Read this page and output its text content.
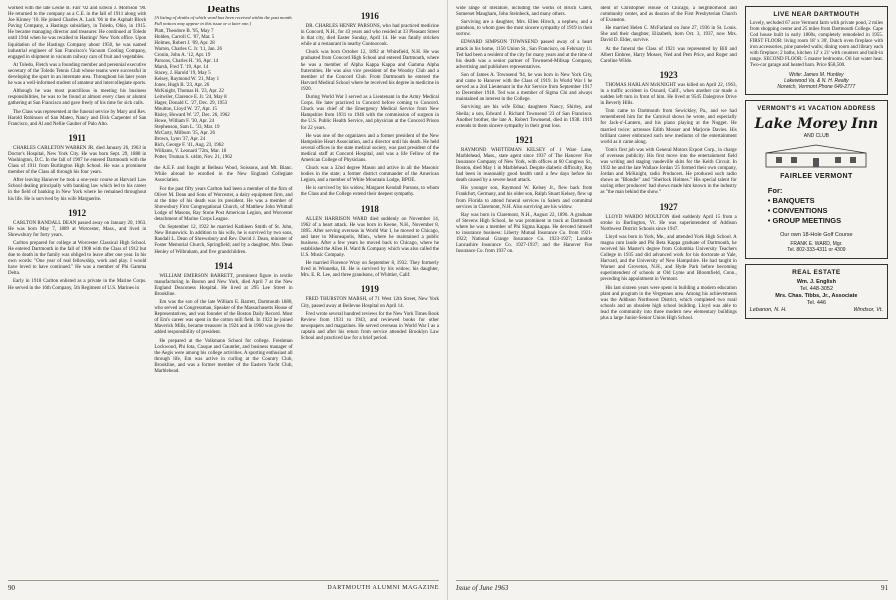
worked with the late Leslie B. Farr '02 and Edwin J. Morrison '90. He returned to the company as a C.E. in the fall of 1911 along with Joe Kinney '10. He joined Charles A. Lack '06 in the Asphalt Block Paving Company, a Hastings subsidiary, in Toledo, Ohio, in 1915. He became managing director and treasurer. He continued at Toledo until 1944 when he was recalled to Hastings' New York office. Upon liquidation of the Hastings Company about 1950, he was named industrial engineer of San Francisco's Vacuum Cooling Company, engaged in shipment in vacuum railway cars of fruit and vegetables.

At Toledo, Fletch was a founding member and perennial executive secretary of the Toledo Tennis Club whose teams were successful in developing the sport in an interstate area. Throughout his later years he was a well-informed student of amateur and intercollegiate sports.

Although he was most punctilious in meeting his business responsibilities, he was to be found at almost every class or alumni gathering at San Francisco and gave freely of his time for sick calls.

The Class was represented at the funeral service by Mary and Rev. Harold Robinson of San Mateo, Nancy and Dick Carpenter of San Francisco, and Al and Nellie Gaulter of Palo Alto.

1911

CHARLES CARLETON WARREN JR. died January 26, 1963 in Doctor's Hospital, New York City. He was born Sept. 29, 1888 in Washington, D.C. In the fall of 1907 he entered Dartmouth with the Class of 1911 from Burlington High School. He was a prominent member of the Class all through his four years.

After leaving Hanover he took a one-year course at Harvard Law School dealing principally with banking law which led to his career in the field of banking in New York where he remained throughout his life. He is survived by his wife Marguerite.

1912

CARLTON RANDALL DEAN passed away on January 20, 1963. He was born May 7, 1889 at Worcester, Mass., and lived in Shrewsbury for forty years.

Carlton prepared for college at Worcester Classical High School. He entered Dartmouth in the fall of 1908 with the Class of 1912 but due to death in the family was obliged to leave after one year. In his own words: "One year of real fellowship, work and play. I would have loved to have continued." He was a member of Phi Gamma Delta.

Early in 1918 Carlton enlisted as a private in the Marine Corps. He served in the 16th Company, 5th Regiment of U.S. Marines in

Deaths
[A listing of deaths of which word has been received within the past month. Full notices may appear in this issue or a later one.]
Platt, Theodore B. '95, May 7
Holden, Carroll C. '07, Mar. 5
Holmes, Robert J. '09, Apr. 28
Warren, Charles C. Jr. '11, Jan. 26
Cronin, John A. '12, Apr. 19
Parsons, Charles H. '16, Apr. 14
Marsh, Fred T. '19, Apr. 14
Stacey, J. Harold '19, May 5
Kelsey, Raymond W. '21, May 1
Jones, Hugh B. '23, Apr. 26
McKnight, Thomas H. '23, Apr. 22
Leitwiler, Clarence E. Jr. '24, May 8
Hager, Donald C. '27, Dec. 29, 1953
Moulton, Lloyd W. '27, Apr. 15
Risley, Howard W. '27, Dec. 26, 1962
Howe, William F. '30, Apr. 24
Stephenson, Sam L. '33, Mar. 19
McCarty, Milburn '35, Apr. 26
Brown, Lynn '37, Apr. 24
Rich, George F. '41, Aug. 23, 1962
Williams, V. Leonard '72m, Mar. 18
Potter, Truman S. s44m, Nov. 21, 1962

the A.E.F. and fought at Belleau Wood, Soissons, and Mt. Blanc. While abroad he enrolled in the New England Collegiate Association.

For the past fifty years Carlton had been a member of the firm of Oliver M. Dean and Sons of Worcester, a dairy equipment firm, and at the time of his death was its president. He was a member of Shrewsbury First Congregational Church, of Matthew John Whittall Lodge of Masons, Ray Stone Post American Legion, and Worcester detachment of Marine Corps League.

On September 12, 1922 he married Kathleen Smith of St. John, New Brunswick. In addition to his wife, he is survived by two sons, Randall L. Dean of Shrewsbury and Rev. David J. Dean, minister of Foster Memorial Church, Springfield; and by a daughter, Mrs. Dean Henley of Wilbraham, and five grandchildren.

1914

WILLIAM EMERSON BARRETT, prominent figure in textile manufacturing in Boston and New York, died April 7 at the New England Deaconess Hospital. He lived at 295 Lee Street in Brookline.

Em was the son of the late William E. Barrett, Dartmouth 1880, who served as Congressman, Speaker of the Massachusetts House of Representatives, and was founder of the Boston Daily Record. Most of Em's career was spent in the cotton mill field. In 1922 he joined Maverick Mills, became treasurer in 1924 and in 1960 was given the added responsibility of president.

He prepared at the Volkmann School for college. Freshman Lockwood, Phi Iota, Casque and Gauntlet, and business manager of the Aegis were among his college activities. A sporting enthusiast all through life, Em was active in curling at the Country Club, Brookline, and was a former member of the Eastern Yacht Club, Marblehead.

1916

DR. CHARLES HENRY PARSONS, who had practiced medicine in Concord, N.H., for 43 years and who resided at 33 Pleasant Street in that city, died Easter Sunday, April 14. He was fatally stricken while at a restaurant in nearby Contoocook.

Chuck was born October 12, 1892 at Whitefield, N.H. He was graduated from Concord High School and entered Dartmouth, where he was a member of Alpha Kappa Kappa and Gamma Alpha fraternities. He was also vice president of the Woodsy Club and a member of the Concord Club. From Dartmouth he entered the Harvard Medical School where he received his degree in medicine in 1920.

During World War I served as a Lieutenant in the Army Medical Corps. He later practiced in Concord before coming to Concord. Chuck was chief of the Emergency Medical Service from New Hampshire from 1931 to 1946 with the commission of surgeon in the U.S. Public Health Service, and physician at the Concord Prison for 22 years.

He was one of the organizers and a former president of the New Hampshire Heart Association, and a director until his death. He held several offices in the state medical society, was past president of the medical staff at Concord Hospital, and was a life Fellow of the American College of Physicians.

Chuck was a 32nd degree Mason and active in all the Masonic bodies in the state; a former district commander of the American Legion, and a member of White Mountain Lodge, BPOE.

He is survived by his widow, Margaret Kendall Parsons, to whom the Class and the College extend their deepest sympathy.

1918

ALLEN HARRISON WARD died suddenly on November 14, 1962 of a heart attack. He was born in Keene, N.H., November 8, 1895. After serving overseas in World War I, he moved to Chicago, and later to Minneapolis, Minn., where he maintained a public business. After a few years he moved back to Chicago, where he established the Allen H. Ward & Company which was also called the U.S. Music Company.

He married Florence Wray on September 8, 1932. They formerly lived in Winnetka, Ill. He is survived by his widow; his daughter, Mrs. E. R. Lee, and three grandsons, of Whittier, Calif.

1919

FRED THURSTON MARSH, of 71 West 12th Street, New York City, passed away at Bellevue Hospital on April 14.

Fred wrote several hundred reviews for the New York Times Book Review from 1931 to 1943, and reviewed books for other newspapers and magazines. He served overseas in World War I as a captain and after his return from service attended Brooklyn Law School and practiced law for a brief period.

90	DARTMOUTH ALUMNI MAGAZINE

wide range of literature, including the works of Bruch Catell, Somerset Maugham, John Steinbeck, and many others.

Surviving are a daughter, Mrs. Ellen Hirsch, a nephew, and a grandson, to whom goes the most sincere sympathy of 1919 in their sorrow.

EDWARD SIMPSON TOWNSEND passed away of a heart attack in his home, 1150 Union St., San Francisco, on February 11. Ted had been a resident of the city for many years and at the time of his death was a senior partner of Townsend-Millsap Company, advertising and publishers representatives.

Son of James A. Townsend '94, he was born in New York City, and came to Hanover with the Class of 1919. In World War I he served as a 2nd Lieutenant in the Air Service from September 1917 to December 1918. Ted was a member of Sigma Chi and always maintained an interest in the College.

Surviving are his wife Edna; daughters Nancy, Shirley, and Sheila; a son, Edward J. Richard Townsend '23 of San Francisco. Another brother, the late A. Robert Townsend, died in 1938. 1919 extends to them sincere sympathy in their great loss.

1921

RAYMOND WHITTEMAN KELSEY of 1 Ware Lane, Marblehead, Mass., state agent since 1937 of The Hanover Fire Insurance Company of New York, with offices at 60 Congress St., Boston, died May 1 in Marblehead. Despite diabetic difficulty, Ray had been in reasonably good health until a few days before his death caused by a severe heart attack.

His younger son, Raymond W. Kelsey Jr., flew back from Frankfurt, Germany, and his older son, Ralph Stuart Kelsey, flew up from Florida to attend funeral services in Salem and committal services in Claremont, N.H. Also surviving are his widow.

Ray was born in Claremont, N.H., August 22, 1896. A graduate of Stevens High School, he was prominent in track at Dartmouth where he was a member of Phi Sigma Kappa. He devoted himself to insurance business: Liberty Mutual Insurance Co. from 1921-1922; National Grange Insurance Co. 1923-1927; London Lancashire Insurance Co. 1927-1937; and the Hanover Fire Insurance Co. from 1937 on.

ident of Christopher House of Chicago, a neighborhood and community center, and as deacon of the First Presbyterian Church of Evanston.

He married Helen C. McFarland on June 27, 1936 in St. Louis. She and their daughter, Elizabeth, born Oct. 3, 1937, now Mrs. David D. Elder, survive.

At the funeral the Class of 1921 was represented by Bill and Albert Emhree, Harry Mosser, Ned and Pem Price, and Roger and Caroline Wilde.

1923

THOMAS HARLAN McKNIGHT was killed on April 22, 1963, in a traffic accident in Oxnard, Calif., when another car made a sudden left turn in front of him. He lived at 9545 Dalegrove Drive in Beverly Hills.

Tom came to Dartmouth from Sewickley, Pa., and we had remembered him for the Carnival shows he wrote, and especially for Jack-o'-Lantern, and his piano playing at the Nugget. He married twice: actresses Edith Mosser and Marjorie Davies. His brilliant career embraced such new mediums of the entertainment world as it came along.

Tom's first job was with General Motors Export Corp., in charge of overseas publicity. His first move into the entertainment field was writing and staging vaudeville skits for the Keith Circuit. In 1932 he and the late Wallace Jordan '25 formed their own company, Jordan and McKnight, radio Producers. He produced such radio shows as "Blondie" and "Sherlock Holmes." His special talent for saving other producers' bad shows made him known in the industry as "the man behind the show."

1927

LLOYD WARDO MOULTON died suddenly April 15 from a stroke in Burlington, Vt. He was superintendent of Addison Northwest District Schools since 1947.

Lloyd was born in York, Me., and attended York High School. A magna cum laude and Phi Beta Kappa graduate of Dartmouth, he received his Master's degree from Columbia University Teachers College in 1935 and did advanced work for his doctorate at Yale, Harvard, and the University of New Hampshire. He had taught in Warner and Groveton, N.H., and Hyde Park before becoming superintendent of schools at Old Lyme and Bloomfield, Conn., preceding his appointment in Vermont.

His last sixteen years were spent in building a modern education plant and program in the Vergennes area. Among his achievements was the Addison Northwest District, which completed two rural schools and an obsolete high school building. Lloyd was able to lead the community into three modern new elementary buildings plus a large Junior-Senior Union High School.

LIVE NEAR DARTMOUTH
Lovely, secluded 67 acre Vermont farm with private pond, 2 miles from shopping center and 25 miles from Dartmouth College. Cape Cod house built in early 1800s, completely remodeled in 1955. FIRST FLOOR: living room 18' x 30', Dutch oven fireplace with iron accessories, pine paneled walls; dining room and library each with fireplace; 2 baths, kitchen 12' x 21' with counters and built-in range. SECOND FLOOR: 5 master bedrooms. Oil hot water heat. Two-car garage and heated barn. Price $58,500.
Write: James M. Huntley
Lakewood Va. & N. H. Realty
Norwich, Vermont Phone 649-2777
VERMONT'S #1 VACATION ADDRESS
Lake Morey Inn
AND CLUB
FAIRLEE VERMONT
For:
• BANQUETS
• CONVENTIONS
• GROUP MEETINGS
Our own 18-Hole Golf Course
FRANK E. WARD, Mgr.
Tel. 802-333-4311 or 4309
REAL ESTATE
Wm. J. English
Tel. 448-3052
Mrs. Chas. Tibbs, Jr., Associate
Tel. 446
Lebanon, N. H.	Windsor, Vt.
Issue of June 1963	91
